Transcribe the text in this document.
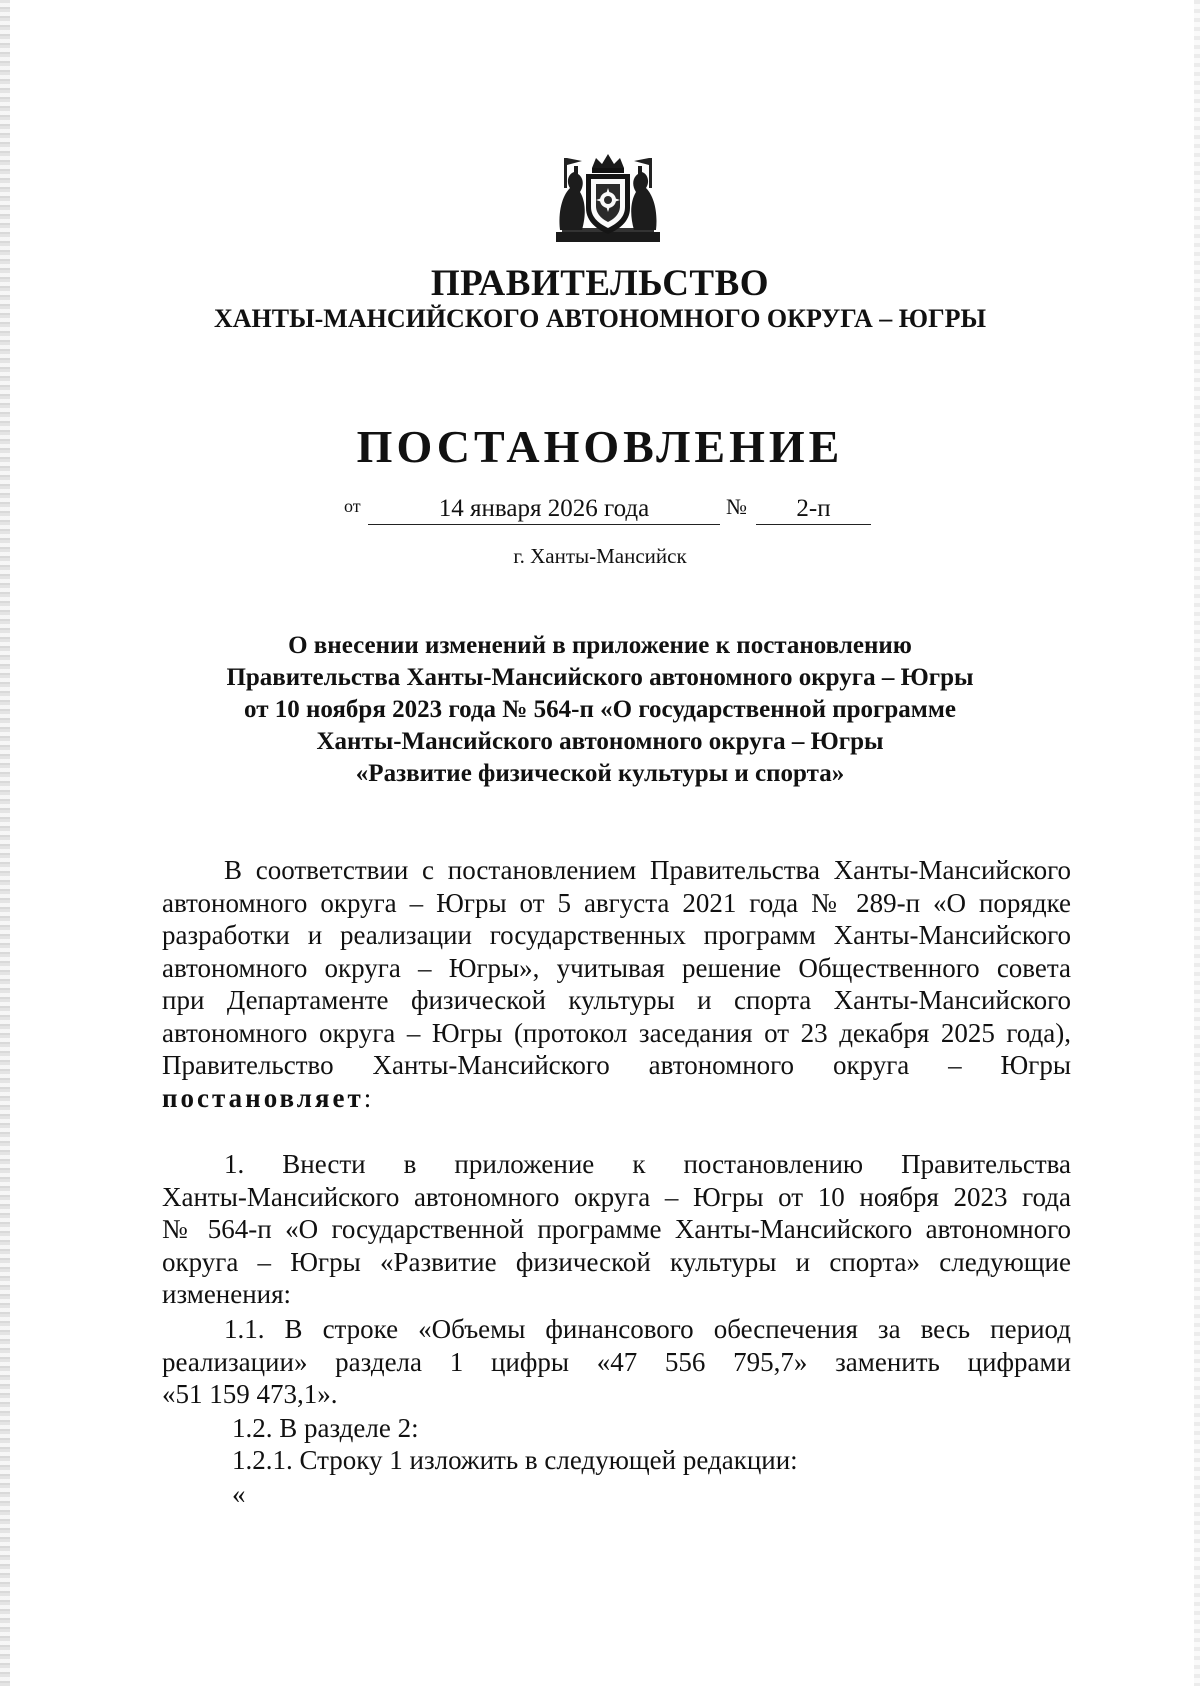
ПРАВИТЕЛЬСТВО
ХАНТЫ-МАНСИЙСКОГО АВТОНОМНОГО ОКРУГА – ЮГРЫ
ПОСТАНОВЛЕНИЕ
от	14 января 2026 года	№	2-п
г. Ханты-Мансийск
О внесении изменений в приложение к постановлению
Правительства Ханты-Мансийского автономного округа – Югры
от 10 ноября 2023 года № 564-п «О государственной программе
Ханты-Мансийского автономного округа – Югры
«Развитие физической культуры и спорта»
В соответствии с постановлением Правительства Ханты-Мансийского
автономного округа – Югры от 5 августа 2021 года № 289-п «О порядке
разработки и реализации государственных программ Ханты-Мансийского
автономного округа – Югры», учитывая решение Общественного совета
при Департаменте физической культуры и спорта Ханты-Мансийского
автономного округа – Югры (протокол заседания от 23 декабря 2025 года),
Правительство Ханты-Мансийского автономного округа – Югры
постановляет:
1. Внести в приложение к постановлению Правительства
Ханты-Мансийского автономного округа – Югры от 10 ноября 2023 года
№ 564-п «О государственной программе Ханты-Мансийского автономного
округа – Югры «Развитие физической культуры и спорта» следующие
изменения:
1.1. В строке «Объемы финансового обеспечения за весь период
реализации» раздела 1 цифры «47 556 795,7» заменить цифрами
«51 159 473,1».
1.2. В разделе 2:
1.2.1. Строку 1 изложить в следующей редакции:
«
